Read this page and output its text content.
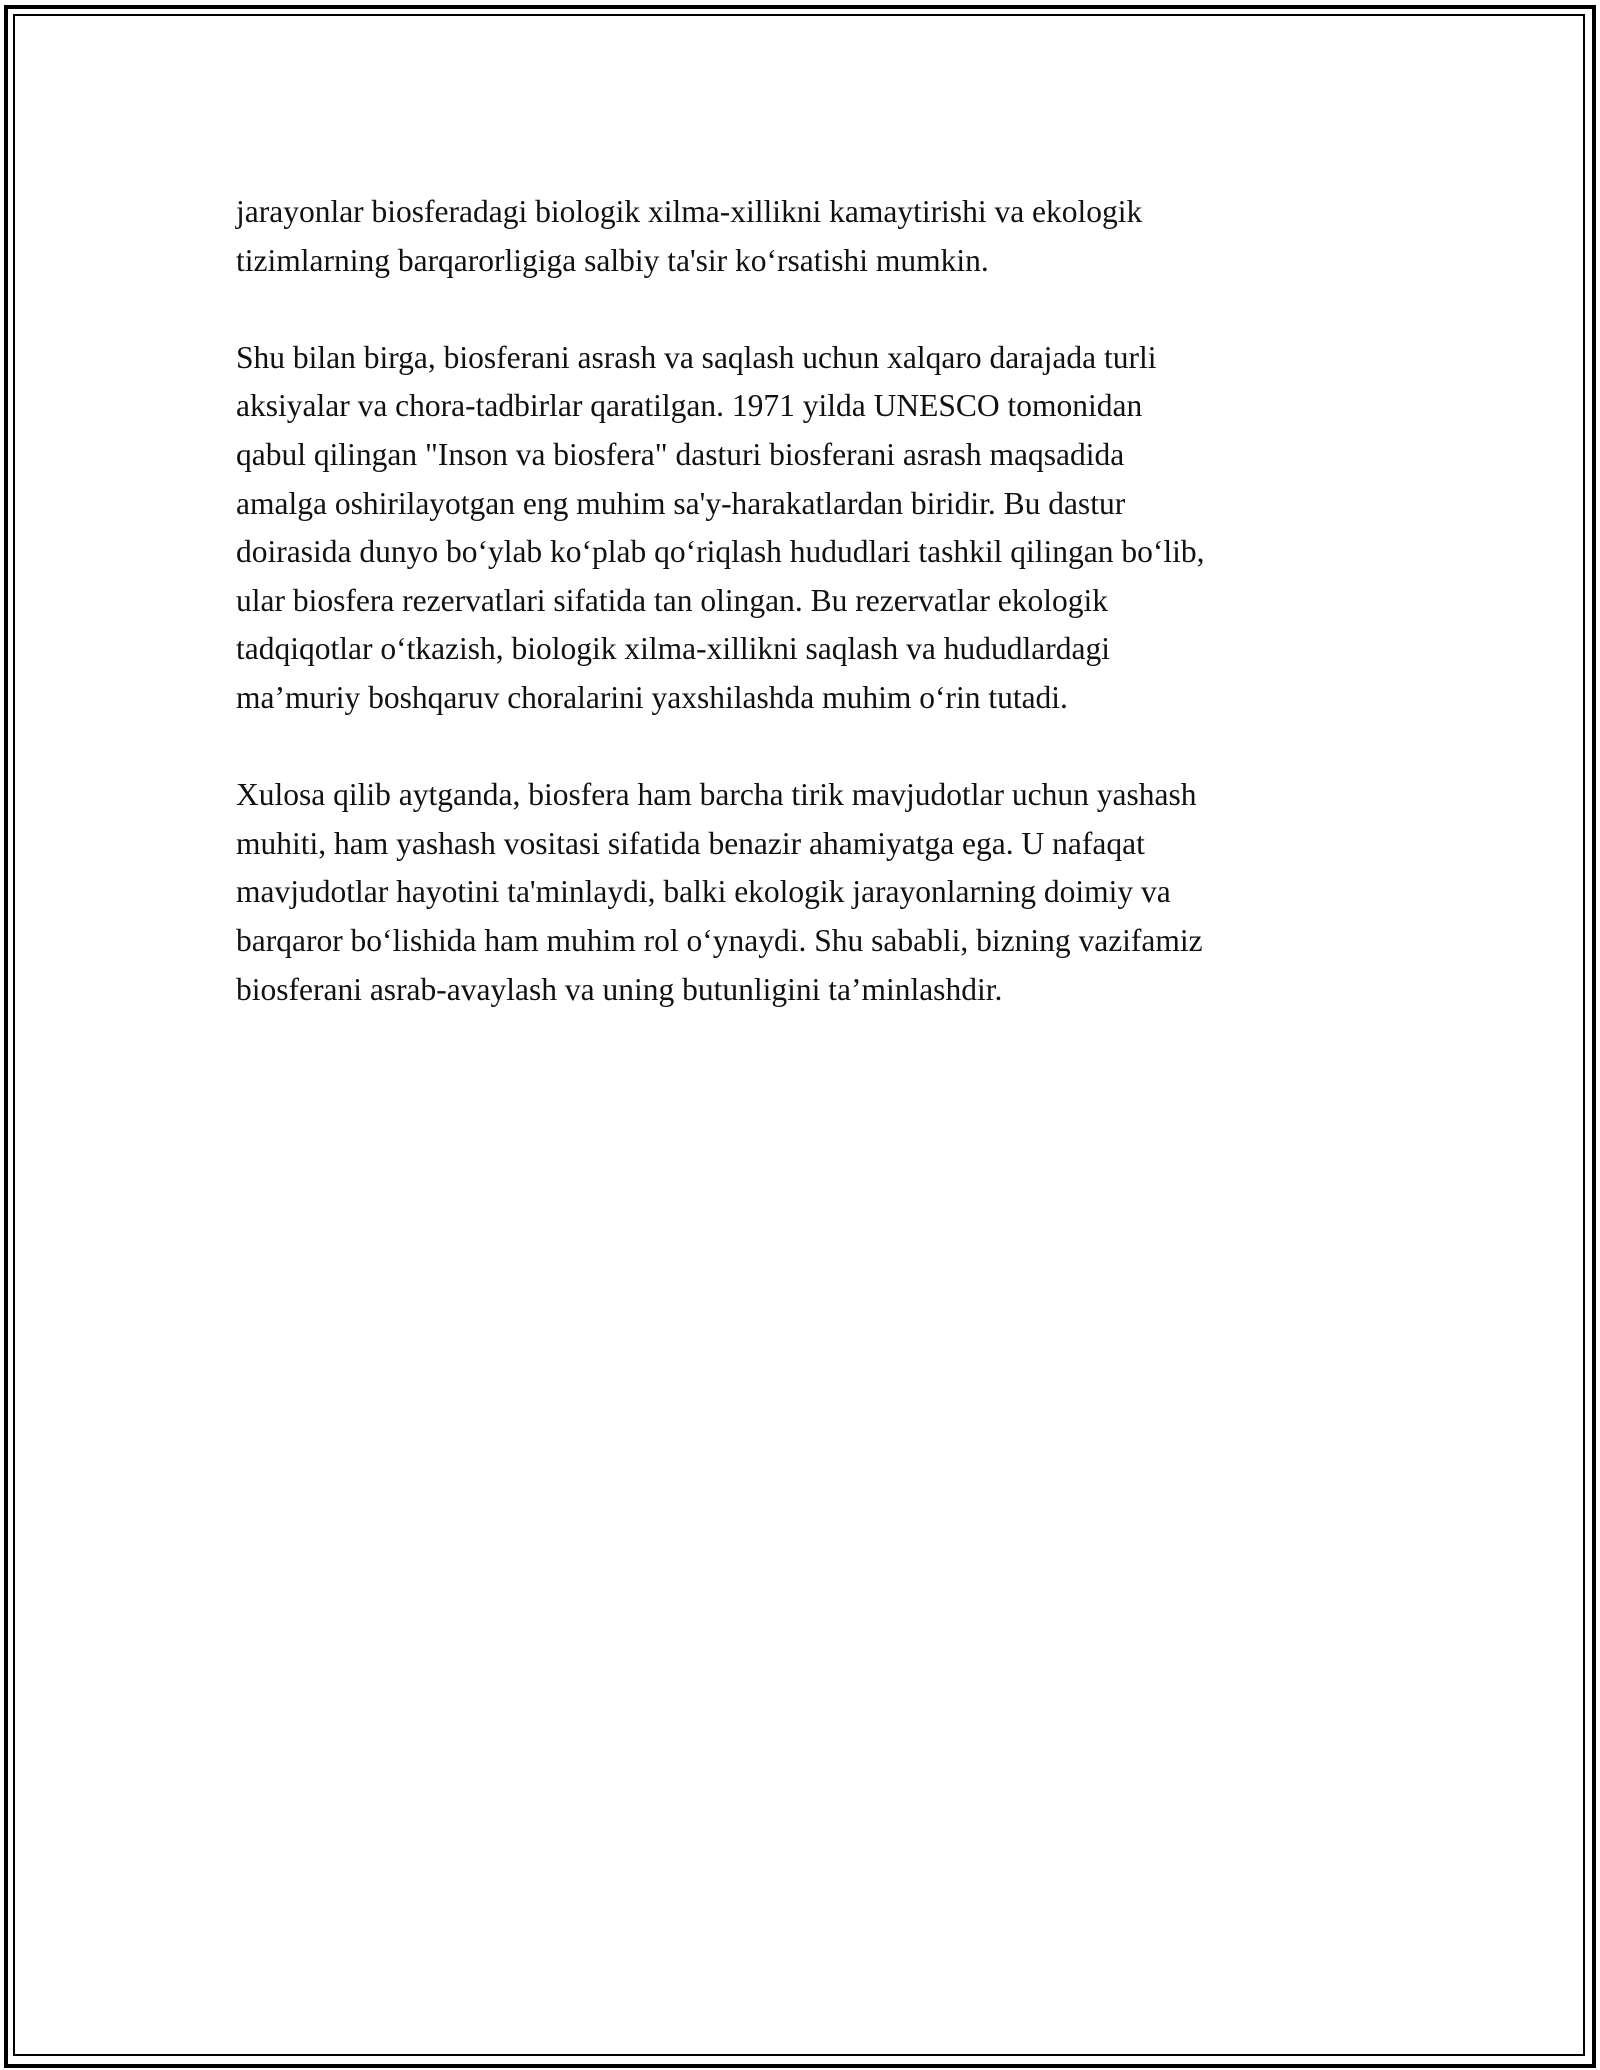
jarayonlar biosferadagi biologik xilma-xillikni kamaytirishi va ekologik
tizimlarning barqarorligiga salbiy ta'sir ko‘rsatishi mumkin.

Shu bilan birga, biosferani asrash va saqlash uchun xalqaro darajada turli
aksiyalar va chora-tadbirlar qaratilgan. 1971 yilda UNESCO tomonidan
qabul qilingan "Inson va biosfera" dasturi biosferani asrash maqsadida
amalga oshirilayotgan eng muhim sa'y-harakatlardan biridir. Bu dastur
doirasida dunyo bo‘ylab ko‘plab qo‘riqlash hududlari tashkil qilingan bo‘lib,
ular biosfera rezervatlari sifatida tan olingan. Bu rezervatlar ekologik
tadqiqotlar o‘tkazish, biologik xilma-xillikni saqlash va hududlardagi
ma’muriy boshqaruv choralarini yaxshilashda muhim o‘rin tutadi.

Xulosa qilib aytganda, biosfera ham barcha tirik mavjudotlar uchun yashash
muhiti, ham yashash vositasi sifatida benazir ahamiyatga ega. U nafaqat
mavjudotlar hayotini ta'minlaydi, balki ekologik jarayonlarning doimiy va
barqaror bo‘lishida ham muhim rol o‘ynaydi. Shu sababli, bizning vazifamiz
biosferani asrab-avaylash va uning butunligini ta’minlashdir.
